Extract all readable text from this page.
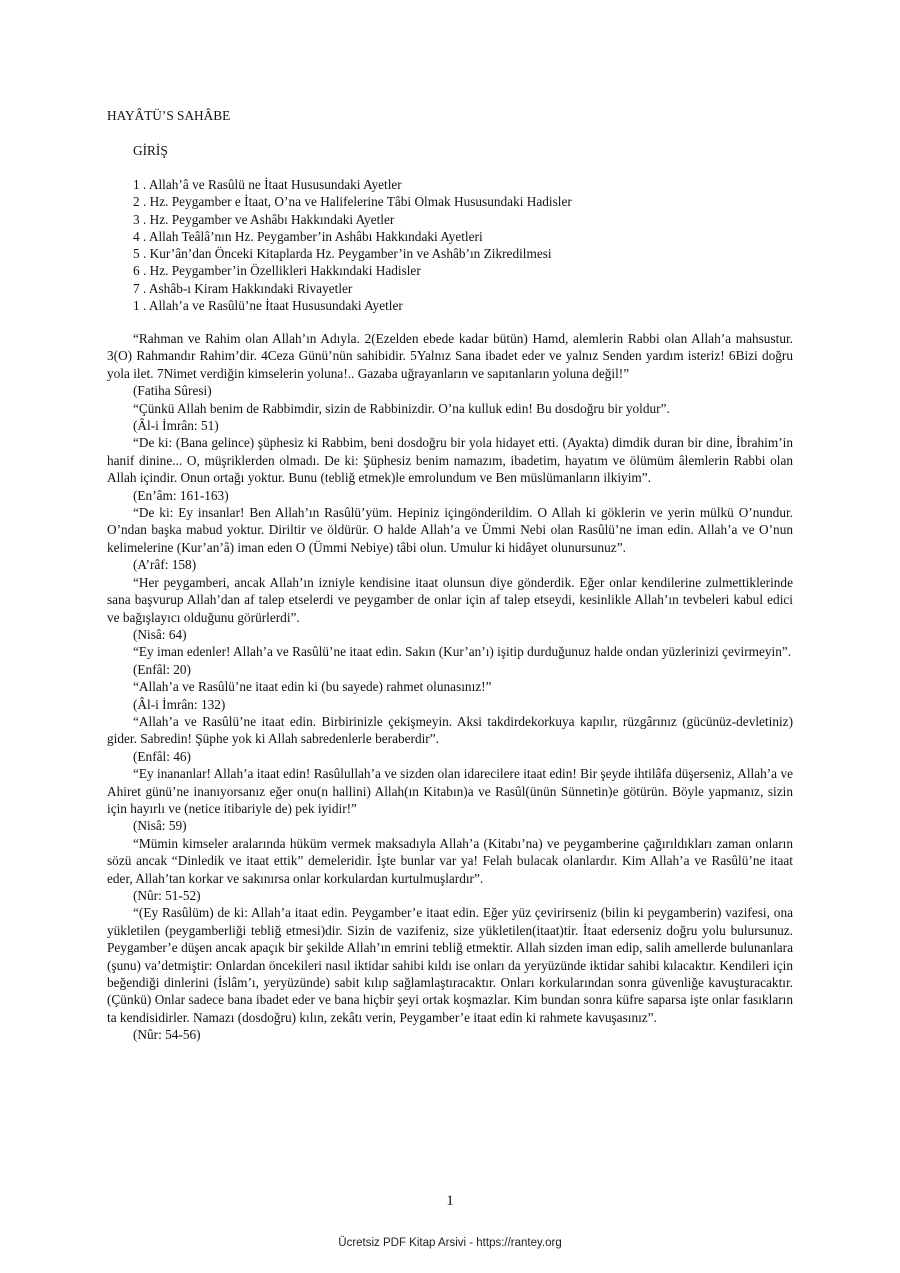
HAYÂTÜ’S SAHÂBE
GİRİŞ
1 . Allah’â ve Rasûlü ne İtaat Hususundaki Ayetler
2 . Hz. Peygamber e İtaat, O’na ve Halifelerine Tâbi Olmak Hususundaki Hadisler
3 . Hz. Peygamber ve Ashâbı Hakkındaki Ayetler
4 . Allah Teâlâ’nın Hz. Peygamber’in Ashâbı Hakkındaki Ayetleri
5 . Kur’ân’dan Önceki Kitaplarda Hz. Peygamber’in ve Ashâb’ın Zikredilmesi
6 . Hz. Peygamber’in Özellikleri Hakkındaki Hadisler
7 . Ashâb-ı Kiram Hakkındaki Rivayetler
1 . Allah’a ve Rasûlü’ne İtaat Hususundaki Ayetler

“Rahman ve Rahim olan Allah’ın Adıyla. 2(Ezelden ebede kadar bütün) Hamd, alemlerin Rabbi olan Allah’a mahsustur. 3(O) Rahmandır Rahim’dir. 4Ceza Günü’nün sahibidir. 5Yalnız Sana ibadet eder ve yalnız Senden yardım isteriz! 6Bizi doğru yola ilet. 7Nimet verdiğin kimselerin yoluna!.. Gazaba uğrayanların ve sapıtanların yoluna değil!”

(Fatiha Sûresi)

“Çünkü Allah benim de Rabbimdir, sizin de Rabbinizdir. O’na kulluk edin! Bu dosdoğru bir yoldur”.

(Âl-i İmrân: 51)

“De ki: (Bana gelince) şüphesiz ki Rabbim, beni dosdoğru bir yola hidayet etti. (Ayakta) dimdik duran bir dine, İbrahim’in hanif dinine... O, müşriklerden olmadı. De ki: Şüphesiz benim namazım, ibadetim, hayatım ve ölümüm âlemlerin Rabbi olan Allah içindir. Onun ortağı yoktur. Bunu (tebliğ etmek)le emrolundum ve Ben müslümanların ilkiyim”.

(En’âm: 161-163)

“De ki: Ey insanlar! Ben Allah’ın Rasûlü’yüm. Hepiniz içingönderildim. O Allah ki göklerin ve yerin mülkü O’nundur. O’ndan başka mabud yoktur. Diriltir ve öldürür. O halde Allah’a ve Ümmi Nebi olan Rasûlü’ne iman edin. Allah’a ve O’nun kelimelerine (Kur’an’â) iman eden O (Ümmi Nebiye) tâbi olun. Umulur ki hidâyet olunursunuz”.

(A’râf: 158)

“Her peygamberi, ancak Allah’ın izniyle kendisine itaat olunsun diye gönderdik. Eğer onlar kendilerine zulmettiklerinde sana başvurup Allah’dan af talep etselerdi ve peygamber de onlar için af talep etseydi, kesinlikle Allah’ın tevbeleri kabul edici ve bağışlayıcı olduğunu görürlerdi”.

(Nisâ: 64)

“Ey iman edenler! Allah’a ve Rasûlü’ne itaat edin. Sakın (Kur’an’ı) işitip durduğunuz halde ondan yüzlerinizi çevirmeyin”.

(Enfâl: 20)

“Allah’a ve Rasûlü’ne itaat edin ki (bu sayede) rahmet olunasınız!”

(Âl-i İmrân: 132)

“Allah’a ve Rasûlü’ne itaat edin. Birbirinizle çekişmeyin. Aksi takdirdekorkuya kapılır, rüzgârınız (gücünüz-devletiniz) gider. Sabredin! Şüphe yok ki Allah sabredenlerle beraberdir”.

(Enfâl: 46)

“Ey inananlar! Allah’a itaat edin! Rasûlullah’a ve sizden olan idarecilere itaat edin! Bir şeyde ihtilâfa düşerseniz, Allah’a ve Ahiret günü’ne inanıyorsanız eğer onu(n hallini) Allah(ın Kitabın)a ve Rasûl(ünün Sünnetin)e götürün. Böyle yapmanız, sizin için hayırlı ve (netice itibariyle de) pek iyidir!”

(Nisâ: 59)

“Mümin kimseler aralarında hüküm vermek maksadıyla Allah’a (Kitabı’na) ve peygamberine çağırıldıkları zaman onların sözü ancak “Dinledik ve itaat ettik” demeleridir. İşte bunlar var ya! Felah bulacak olanlardır. Kim Allah’a ve Rasûlü’ne itaat eder, Allah’tan korkar ve sakınırsa onlar korkulardan kurtulmuşlardır”.

(Nûr: 51-52)

“(Ey Rasûlüm) de ki: Allah’a itaat edin. Peygamber’e itaat edin. Eğer yüz çevirirseniz (bilin ki peygamberin) vazifesi, ona yükletilen (peygamberliği tebliğ etmesi)dir. Sizin de vazifeniz, size yükletilen(itaat)tir. İtaat ederseniz doğru yolu bulursunuz. Peygamber’e düşen ancak apaçık bir şekilde Allah’ın emrini tebliğ etmektir. Allah sizden iman edip, salih amellerde bulunanlara (şunu) va’detmiştir: Onlardan öncekileri nasıl iktidar sahibi kıldı ise onları da yeryüzünde iktidar sahibi kılacaktır. Kendileri için beğendiği dinlerini (İslâm’ı, yeryüzünde) sabit kılıp sağlamlaştıracaktır. Onları korkularından sonra güvenliğe kavuşturacaktır. (Çünkü) Onlar sadece bana ibadet eder ve bana hiçbir şeyi ortak koşmazlar. Kim bundan sonra küfre saparsa işte onlar fasıkların ta kendisidirler. Namazı (dosdoğru) kılın, zekâtı verin, Peygamber’e itaat edin ki rahmete kavuşasınız”.

(Nûr: 54-56)

1
Ücretsiz PDF Kitap Arsivi - https://rantey.org
